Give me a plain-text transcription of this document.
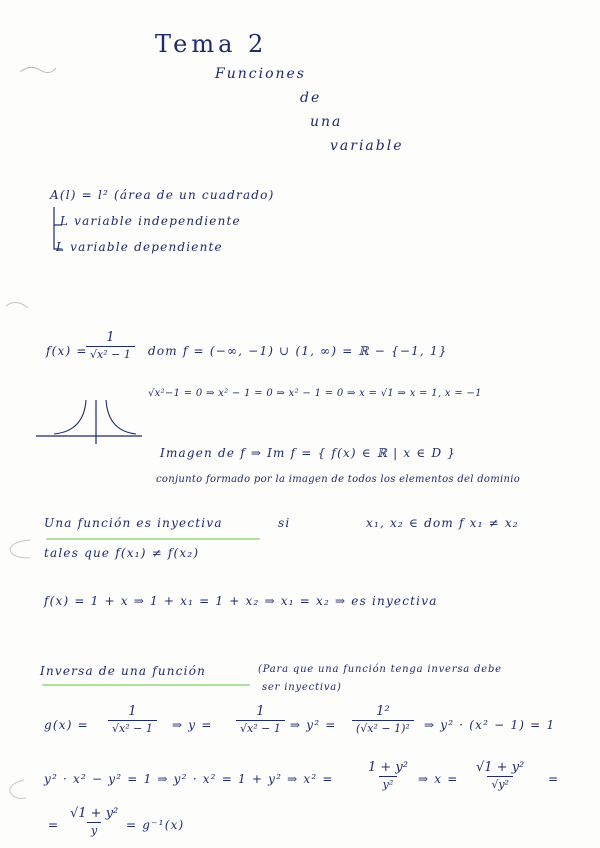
Tema 2
Funciones
de
una
variable
A(l) = l² (área de un cuadrado)
L variable independiente
L variable dependiente
f(x) =
1
√x² − 1	dom f = (−∞, −1) ∪ (1, ∞) = ℝ − {−1, 1}
√x²−1 = 0 ⇒ x² − 1 = 0 ⇒ x² − 1 = 0 ⇒ x = √1 ⇒ x = 1, x = −1
Imagen de f ⇒ Im f = { f(x) ∈ ℝ | x ∈ D }
conjunto formado por la imagen de todos los elementos del dominio
Una función es inyectiva	si	x₁, x₂ ∈ dom f x₁ ≠ x₂
tales que f(x₁) ≠ f(x₂)
f(x) = 1 + x ⇒ 1 + x₁ = 1 + x₂ ⇒ x₁ = x₂ ⇒ es inyectiva
Inversa de una función	(Para que una función tenga inversa debe
ser inyectiva)
g(x) =
1
√x² − 1	⇒ y =
1
√x² − 1 ⇒ y² =
1²
(√x² − 1)²	⇒ y² · (x² − 1) = 1
y² · x² − y² = 1 ⇒ y² · x² = 1 + y² ⇒ x² =
1 + y²
y²	⇒ x =
√1 + y²
√y²	=
=
√1 + y²
y	= g⁻¹(x)
